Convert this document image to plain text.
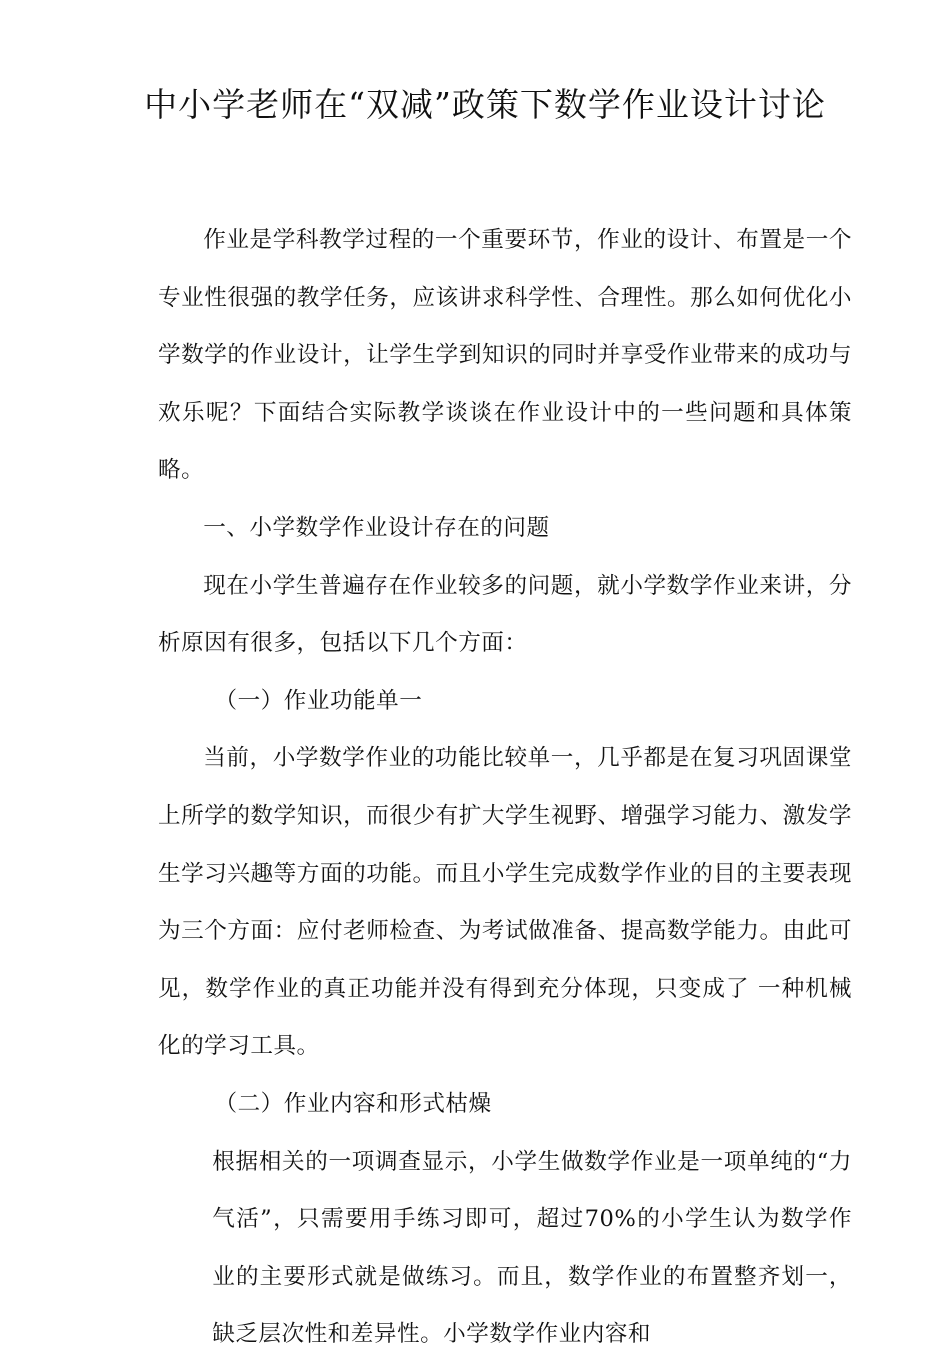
中小学老师在“双减”政策下数学作业设计讨论

作业是学科教学过程的一个重要环节，作业的设计、布置是一个专业性很强的教学任务，应该讲求科学性、合理性。那么如何优化小学数学的作业设计，让学生学到知识的同时并享受作业带来的成功与欢乐呢？下面结合实际教学谈谈在作业设计中的一些问题和具体策略。

一、小学数学作业设计存在的问题

现在小学生普遍存在作业较多的问题，就小学数学作业来讲，分析原因有很多，包括以下几个方面：

（一）作业功能单一

当前，小学数学作业的功能比较单一，几乎都是在复习巩固课堂上所学的数学知识，而很少有扩大学生视野、增强学习能力、激发学生学习兴趣等方面的功能。而且小学生完成数学作业的目的主要表现为三个方面：应付老师检查、为考试做准备、提高数学能力。由此可见，数学作业的真正功能并没有得到充分体现，只变成了 一种机械化的学习工具。

（二）作业内容和形式枯燥

根据相关的一项调查显示，小学生做数学作业是一项单纯的“力气活”，只需要用手练习即可，超过70%的小学生认为数学作业的主要形式就是做练习。而且，数学作业的布置整齐划一，缺乏层次性和差异性。小学数学作业内容和
